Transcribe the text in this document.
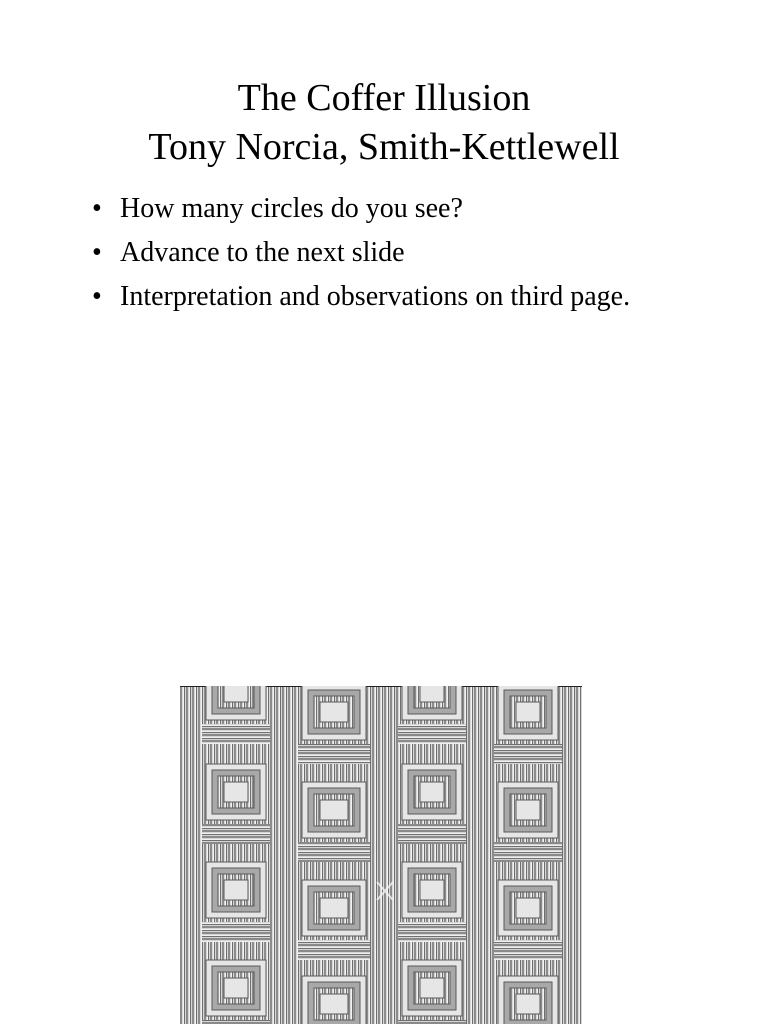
The Coffer Illusion
Tony Norcia, Smith-Kettlewell
• How many circles do you see?
• Advance to the next slide
• Interpretation and observations on third page.
